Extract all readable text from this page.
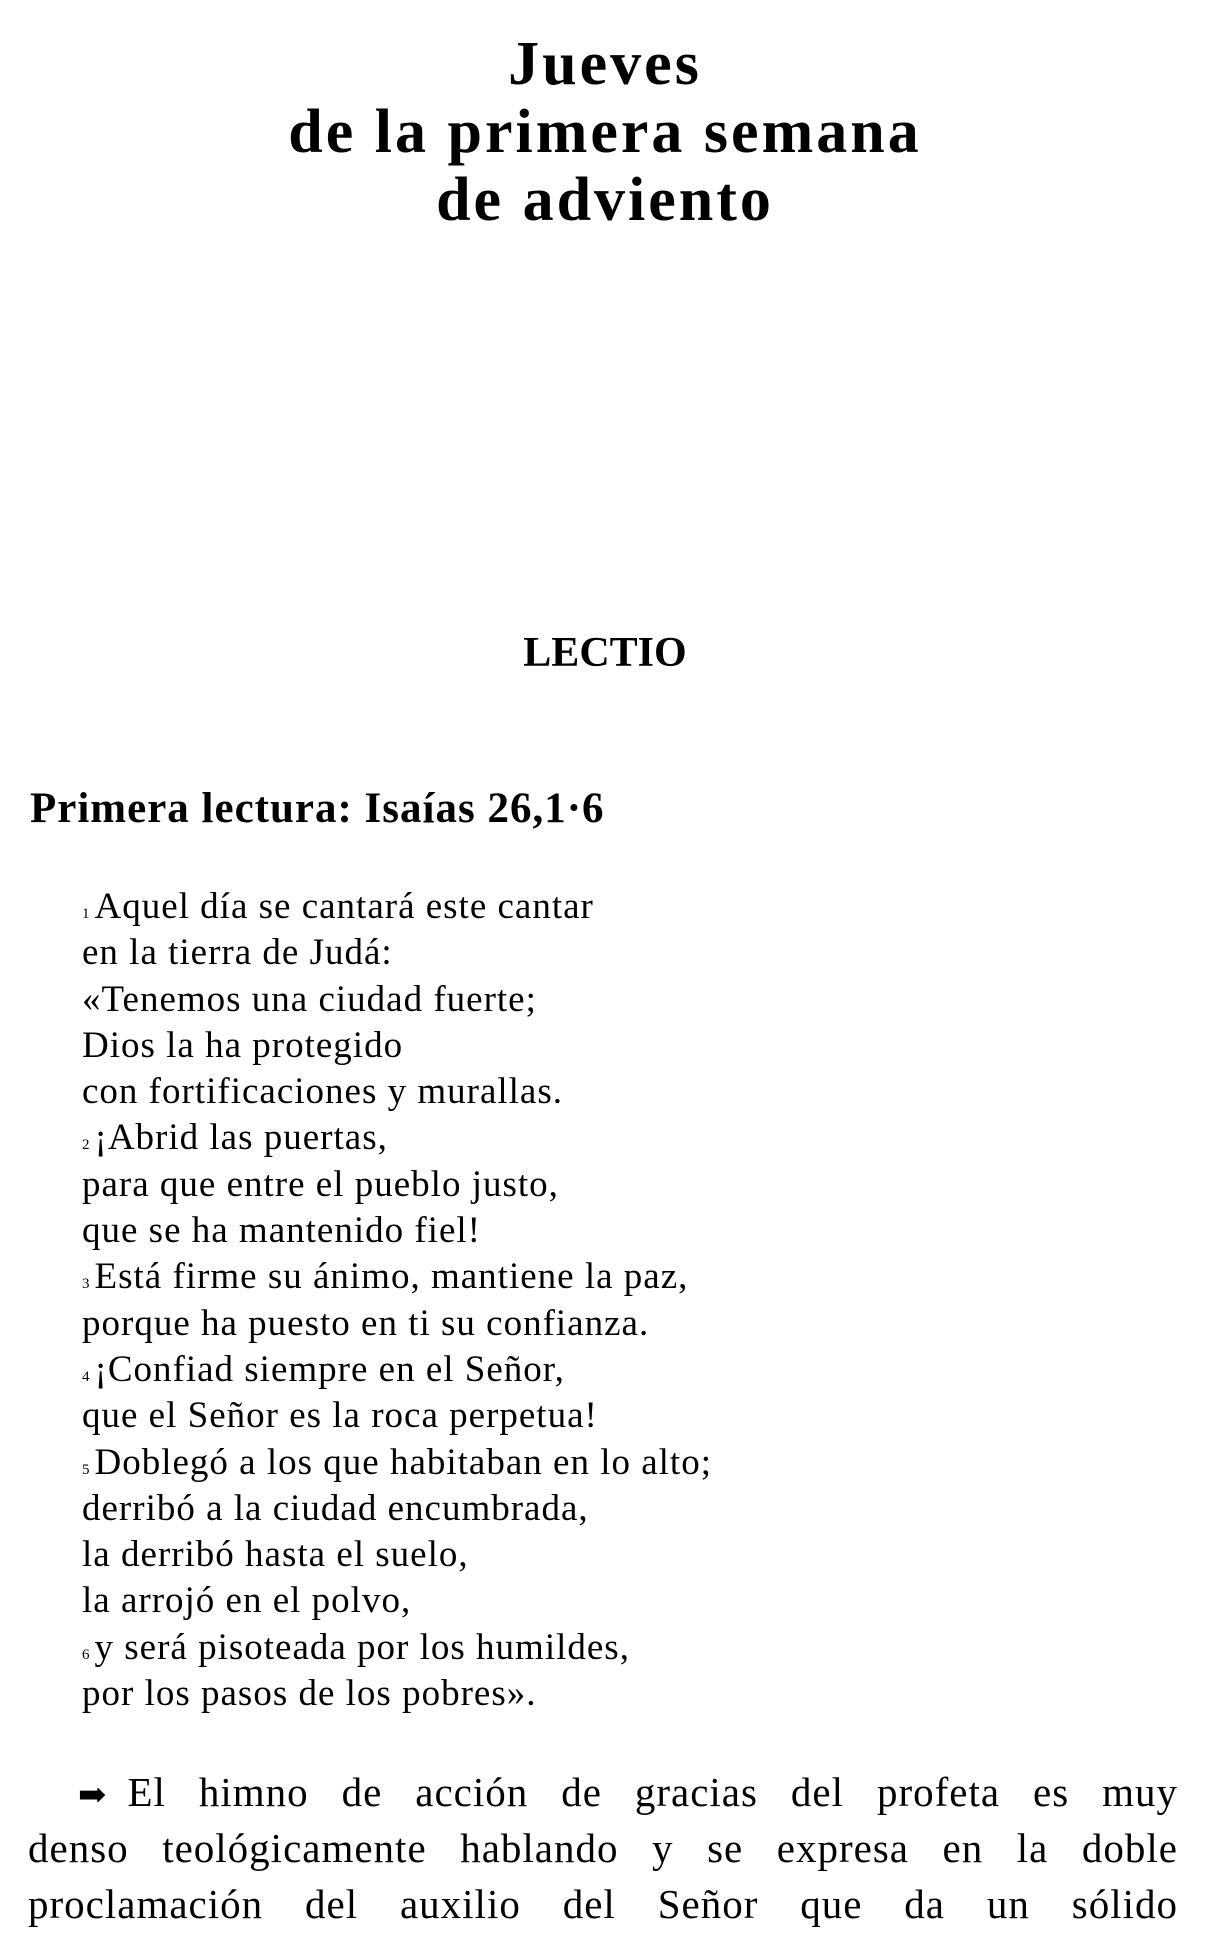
Jueves
de la primera semana
de adviento
LECTIO
Primera lectura: Isaías 26,1·6
1 Aquel día se cantará este cantar
en la tierra de Judá:
«Tenemos una ciudad fuerte;
Dios la ha protegido
con fortificaciones y murallas.
2 ¡Abrid las puertas,
para que entre el pueblo justo,
que se ha mantenido fiel!
3 Está firme su ánimo, mantiene la paz,
porque ha puesto en ti su confianza.
4 ¡Confiad siempre en el Señor,
que el Señor es la roca perpetua!
5 Doblegó a los que habitaban en lo alto;
derribó a la ciudad encumbrada,
la derribó hasta el suelo,
la arrojó en el polvo,
6 y será pisoteada por los humildes,
por los pasos de los pobres».
➡ El himno de acción de gracias del profeta es muy
denso teológicamente hablando y se expresa en la doble
proclamación del auxilio del Señor que da un sólido
